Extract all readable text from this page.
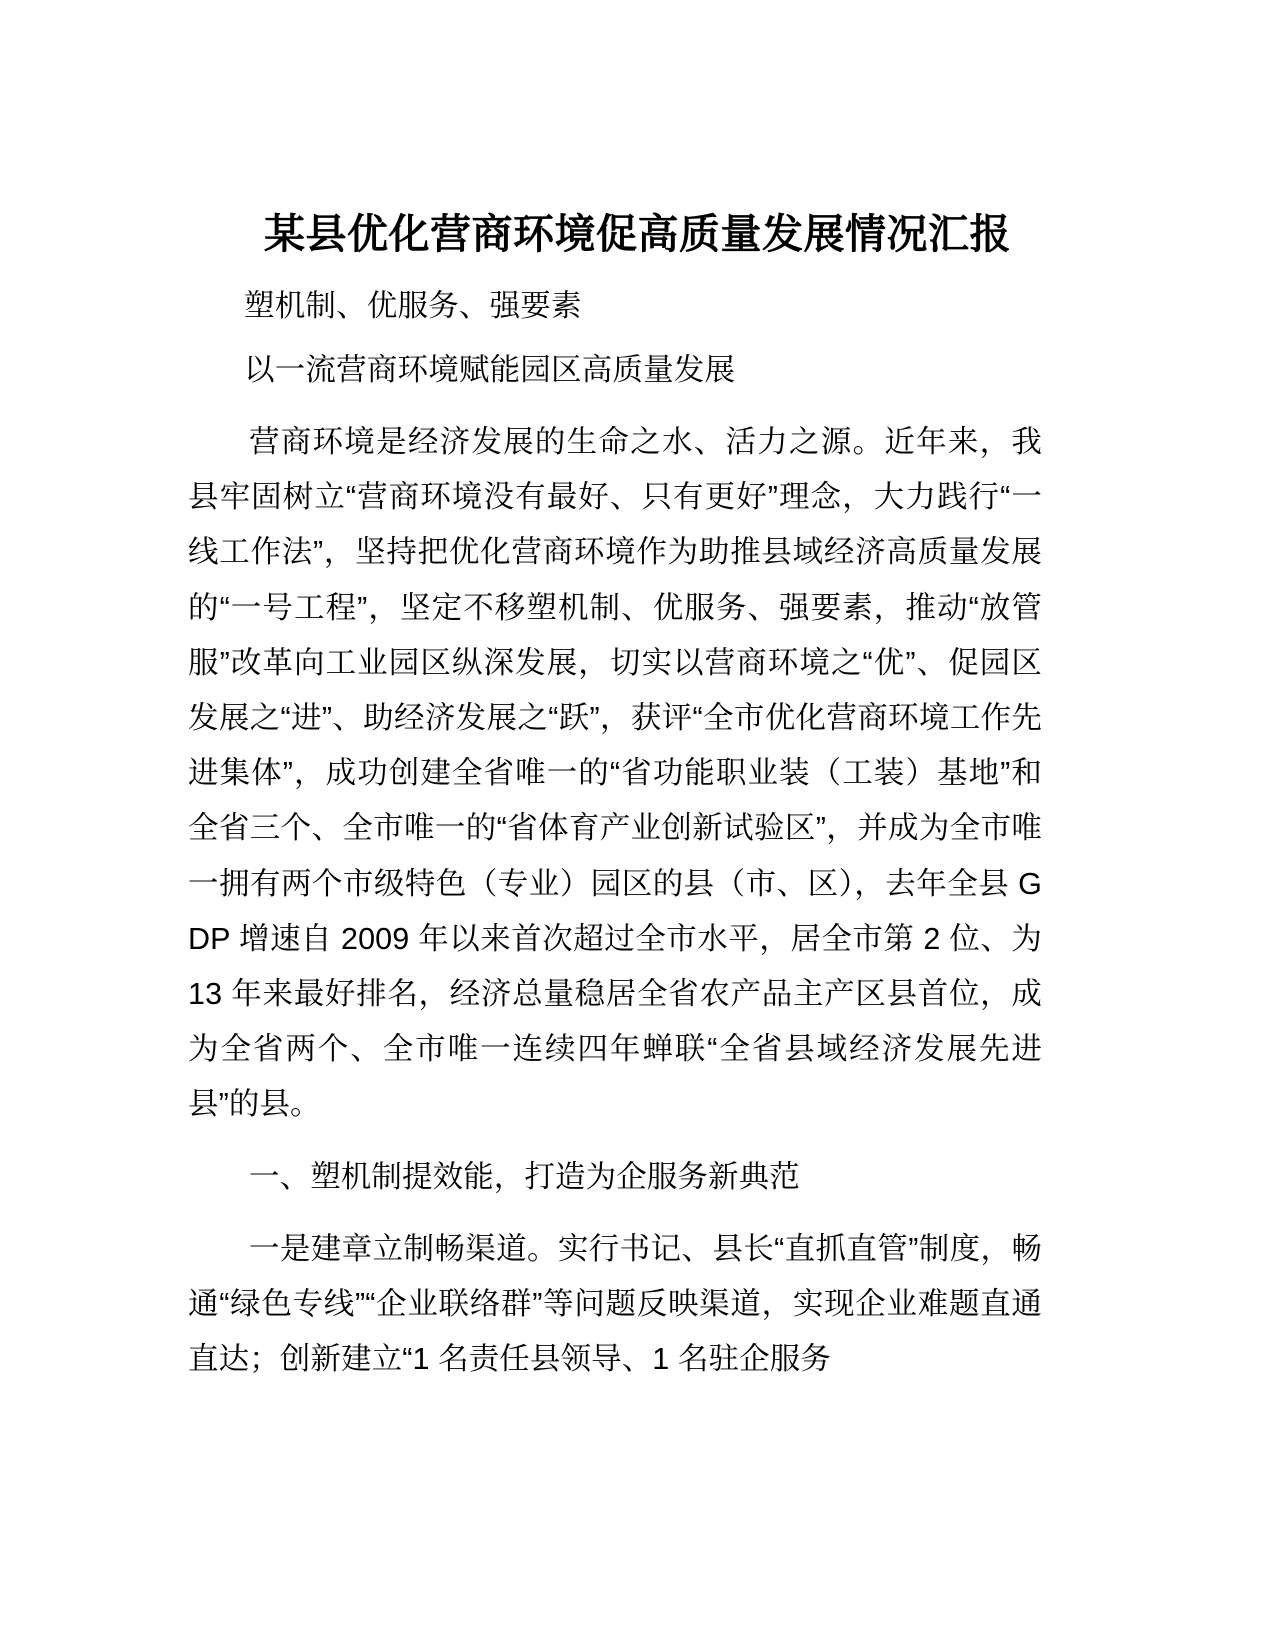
某县优化营商环境促高质量发展情况汇报

塑机制、优服务、强要素

以一流营商环境赋能园区高质量发展

营商环境是经济发展的生命之水、活力之源。近年来，我县牢固树立“营商环境没有最好、只有更好”理念，大力践行“一线工作法”，坚持把优化营商环境作为助推县域经济高质量发展的“一号工程”，坚定不移塑机制、优服务、强要素，推动“放管服”改革向工业园区纵深发展，切实以营商环境之“优”、促园区发展之“进”、助经济发展之“跃”，获评“全市优化营商环境工作先进集体”，成功创建全省唯一的“省功能职业装（工装）基地”和全省三个、全市唯一的“省体育产业创新试验区”，并成为全市唯一拥有两个市级特色（专业）园区的县（市、区），去年全县 GDP 增速自 2009 年以来首次超过全市水平，居全市第 2 位、为 13 年来最好排名，经济总量稳居全省农产品主产区县首位，成为全省两个、全市唯一连续四年蝉联“全省县域经济发展先进县”的县。

一、塑机制提效能，打造为企服务新典范

一是建章立制畅渠道。实行书记、县长“直抓直管”制度，畅通“绿色专线”“企业联络群”等问题反映渠道，实现企业难题直通直达；创新建立“1 名责任县领导、1 名驻企服务
